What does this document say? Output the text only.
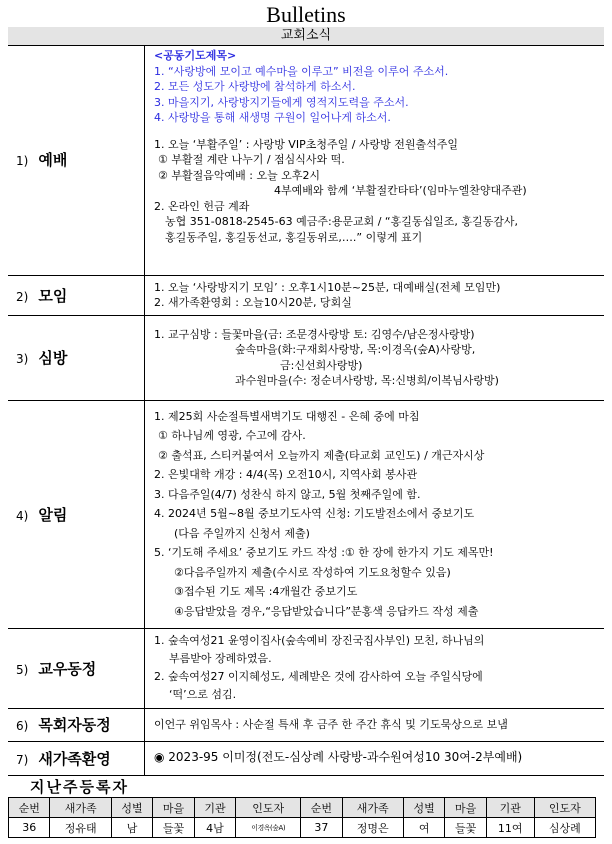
Bulletins
교회소식
1) 예배	
<공동기도제목>
1. “사랑방에 모이고 예수마을 이루고” 비전을 이루어 주소서.
2. 모든 성도가 사랑방에 참석하게 하소서.
3. 마을지기, 사랑방지기들에게 영적지도력을 주소서.
4. 사랑방을 통해 새생명 구원이 일어나게 하소서.
1. 오늘 ‘부활주일’ : 사랑방 VIP초청주일 / 사랑방 전원출석주일
① 부활절 계란 나누기 / 점심식사와 떡.
② 부활절음악예배 : 오늘 오후2시
4부예배와 함께 ‘부활절칸타타’(임마누엘찬양대주관)
2. 온라인 헌금 계좌
농협 351-0818-2545-63 예금주:용문교회 / “홍길동십일조, 홍길동감사,
홍길동주일, 홍길동선교, 홍길동위로,….” 이렇게 표기

2) 모임	1. 오늘 ‘사랑방지기 모임’ : 오후1시10분~25분, 대예배실(전체 모임만)
2. 새가족환영회 : 오늘10시20분, 당회실

3) 심방	1. 교구심방 : 들꽃마을(금: 조문경사랑방 토: 김영수/남은정사랑방)
숲속마을(화:구재회사랑방, 목:이경옥(숲A)사랑방,
금:신선희사랑방)
과수원마을(수: 정순녀사랑방, 목:신병희/이복님사랑방)

4) 알림	
1. 제25회 사순절특별새벽기도 대행진 - 은혜 중에 마침
① 하나님께 영광, 수고에 감사.
② 출석표, 스티커붙여서 오늘까지 제출(타교회 교인도) / 개근자시상
2. 은빛대학 개강 : 4/4(목) 오전10시, 지역사회 봉사관
3. 다음주일(4/7) 성찬식 하지 않고, 5월 첫째주일에 함.
4. 2024년 5월~8월 중보기도사역 신청: 기도발전소에서 중보기도
(다음 주일까지 신청서 제출)
5. ‘기도해 주세요’ 중보기도 카드 작성 :① 한 장에 한가지 기도 제목만!
②다음주일까지 제출(수시로 작성하여 기도요청할수 있음)
③접수된 기도 제목 :4개월간 중보기도
④응답받았을 경우,“응답받았습니다”분홍색 응답카드 작성 제출

5) 교우동정	1. 숲속여성21 윤영이집사(숲속예비 장진국집사부인) 모친, 하나님의
부름받아 장례하였음.
2. 숲속여성27 이지혜성도, 세례받은 것에 감사하여 오늘 주일식당에
‘떡’으로 섬김.

6) 목회자동정	이언구 위임목사 : 사순절 특새 후 금주 한 주간 휴식 및 기도묵상으로 보냄

7) 새가족환영	◉ 2023-95 이미정(전도-심상례 사랑방-과수원여성10 30여-2부예배)
지난주등록자
순번	새가족	성별	마을	기관	인도자	순번	새가족	성별	마을	기관	인도자
36	정유태	남	들꽃	4남	이경옥(숲A)	37	정명은	여	들꽃	11여	심상례
